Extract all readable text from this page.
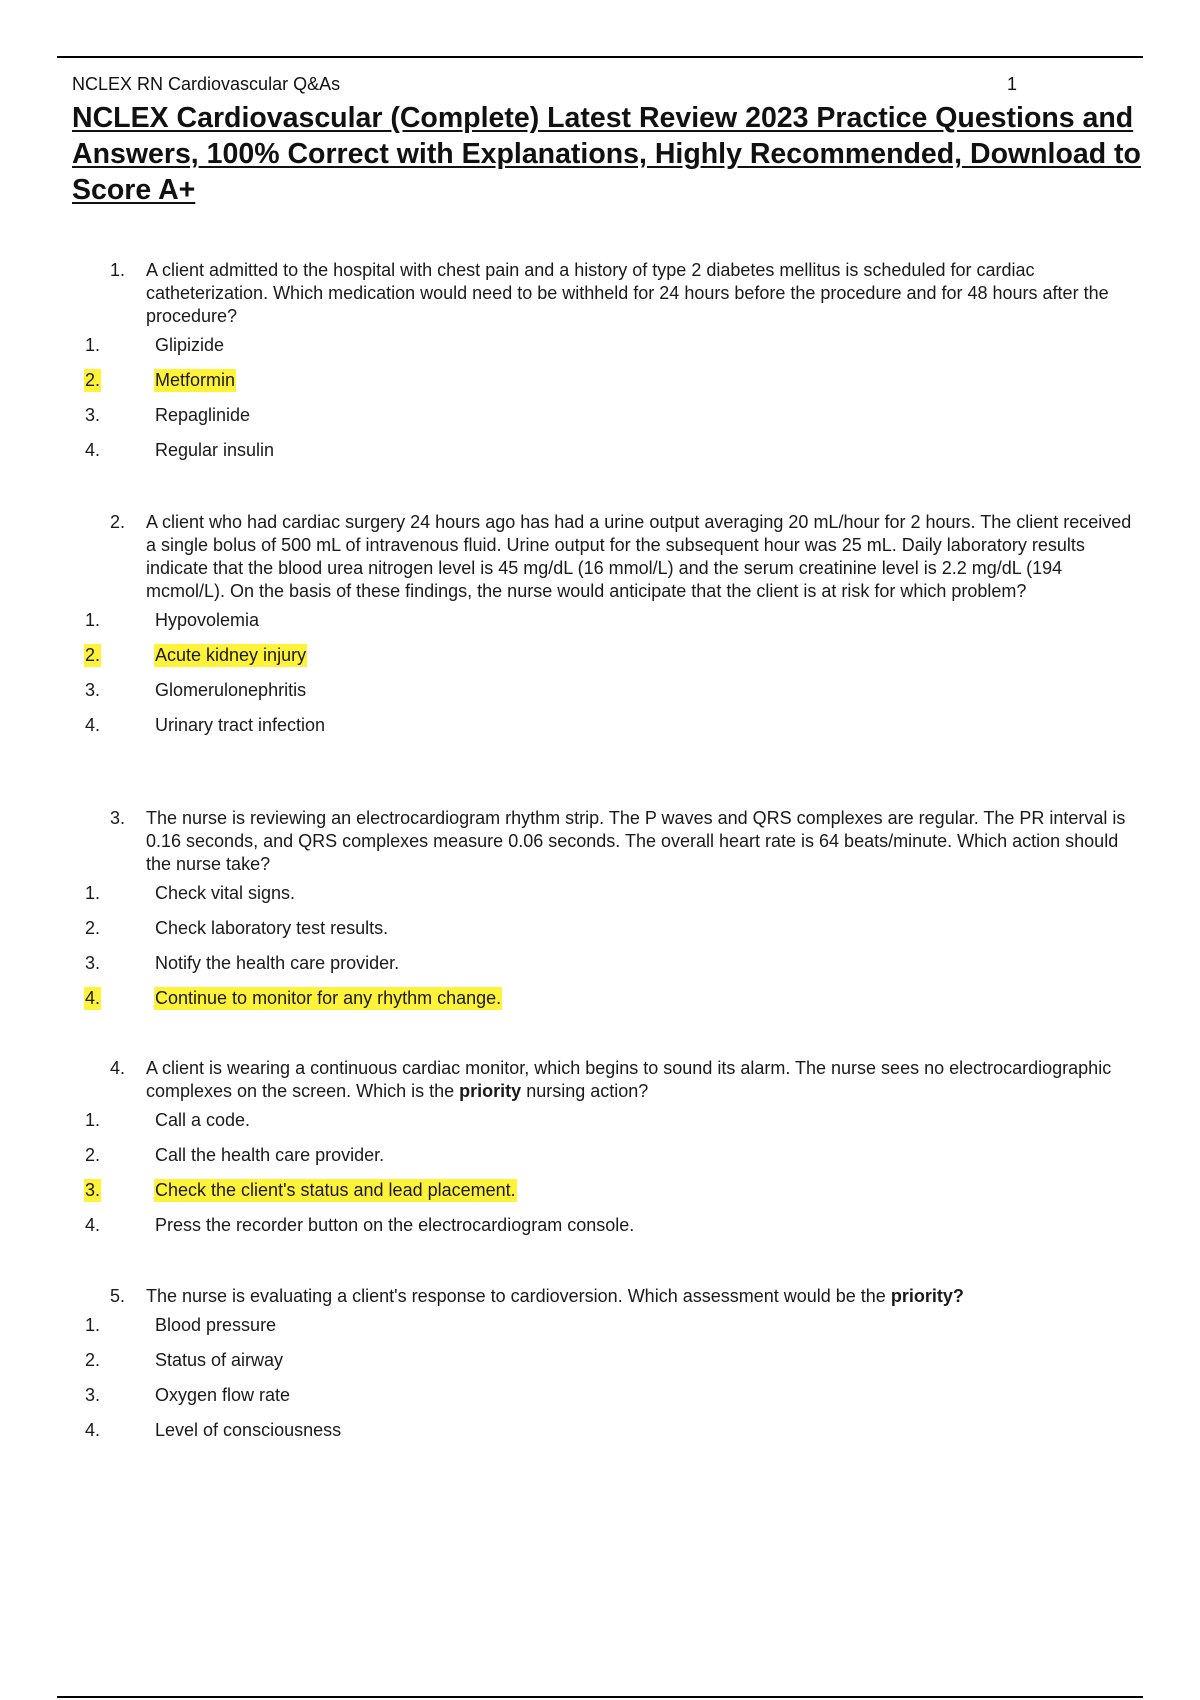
NCLEX RN Cardiovascular Q&As	1
NCLEX Cardiovascular (Complete) Latest Review 2023 Practice Questions and Answers, 100% Correct with Explanations, Highly Recommended, Download to Score A+
1. A client admitted to the hospital with chest pain and a history of type 2 diabetes mellitus is scheduled for cardiac catheterization. Which medication would need to be withheld for 24 hours before the procedure and for 48 hours after the procedure?
1.	Glipizide
2.	Metformin
3.	Repaglinide
4.	Regular insulin
2. A client who had cardiac surgery 24 hours ago has had a urine output averaging 20 mL/hour for 2 hours. The client received a single bolus of 500 mL of intravenous fluid. Urine output for the subsequent hour was 25 mL. Daily laboratory results indicate that the blood urea nitrogen level is 45 mg/dL (16 mmol/L) and the serum creatinine level is 2.2 mg/dL (194 mcmol/L). On the basis of these findings, the nurse would anticipate that the client is at risk for which problem?
1.	Hypovolemia
2.	Acute kidney injury
3.	Glomerulonephritis
4.	Urinary tract infection
3. The nurse is reviewing an electrocardiogram rhythm strip. The P waves and QRS complexes are regular. The PR interval is 0.16 seconds, and QRS complexes measure 0.06 seconds. The overall heart rate is 64 beats/minute. Which action should the nurse take?
1.	Check vital signs.
2.	Check laboratory test results.
3.	Notify the health care provider.
4.	Continue to monitor for any rhythm change.
4. A client is wearing a continuous cardiac monitor, which begins to sound its alarm. The nurse sees no electrocardiographic complexes on the screen. Which is the priority nursing action?
1.	Call a code.
2.	Call the health care provider.
3.	Check the client's status and lead placement.
4.	Press the recorder button on the electrocardiogram console.
5. The nurse is evaluating a client's response to cardioversion. Which assessment would be the priority?
1.	Blood pressure
2.	Status of airway
3.	Oxygen flow rate
4.	Level of consciousness
